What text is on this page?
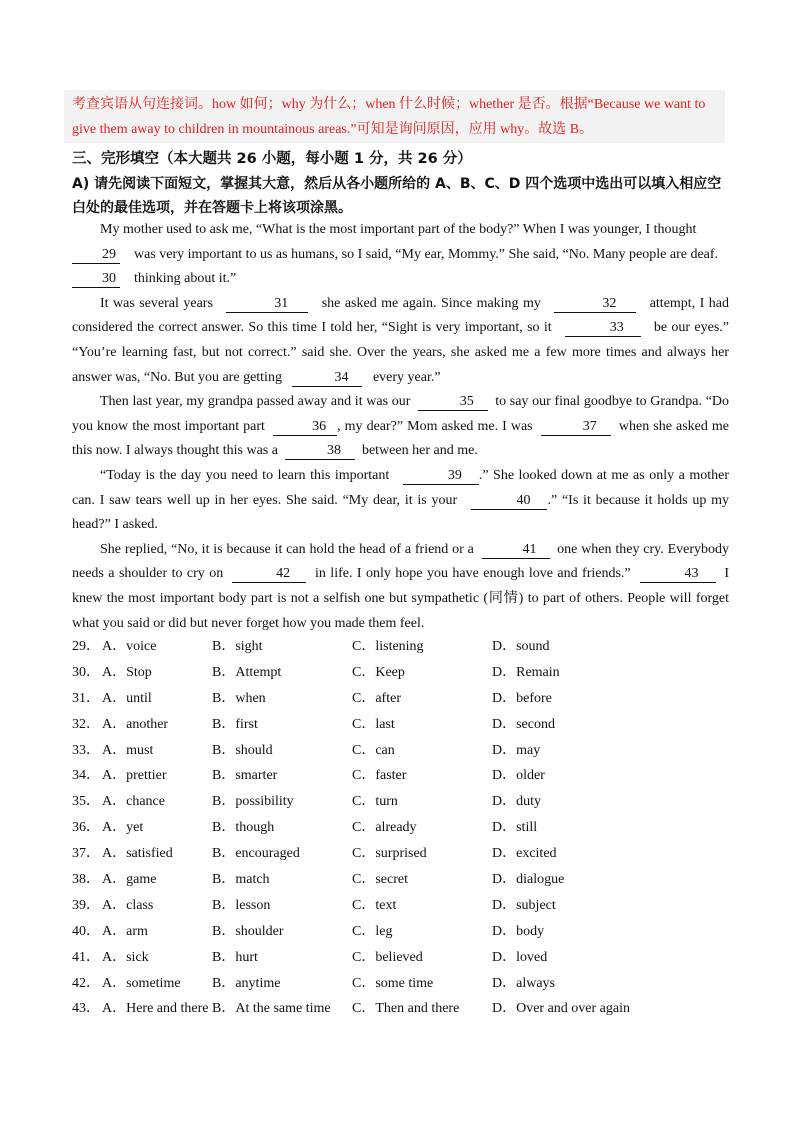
考查宾语从句连接词。how 如何；why 为什么；when 什么时候；whether 是否。根据“Because we want to
give them away to children in mountainous areas.”可知是询问原因，应用 why。故选 B。
三、完形填空（本大题共 26 小题，每小题 1 分，共 26 分）
A) 请先阅读下面短文，掌握其大意，然后从各小题所给的 A、B、C、D 四个选项中选出可以填入相应空白处的最佳选项，并在答题卡上将该项涂黑。

My mother used to ask me, “What is the most important part of the body?” When I was younger, I thought
29 was very important to us as humans, so I said, “My ear, Mommy.” She said, “No. Many people are deaf.
30 thinking about it.”

It was several years	31 she asked me again. Since making my	32 attempt, I had considered the correct answer. So this time I told her, “Sight is very important, so it	33 be our eyes.” “You’re learning fast, but not correct.” said she. Over the years, she asked me a few more times and always her answer was, “No. But you are getting	34 every year.”

Then last year, my grandpa passed away and it was our	35 to say our final goodbye to Grandpa. “Do you know the most important part	36 , my dear?” Mom asked me. I was	37 when she asked me this now. I always thought this was a	38 between her and me.

“Today is the day you need to learn this important	39 .” She looked down at me as only a mother can. I saw tears well up in her eyes. She said. “My dear, it is your	40 .” “Is it because it holds up my head?” I asked.

She replied, “No, it is because it can hold the head of a friend or a	41 one when they cry. Everybody needs a shoulder to cry on	42 in life. I only hope you have enough love and friends.”	43 I knew the most important body part is not a selfish one but sympathetic (同情) to part of others. People will forget what you said or did but never forget how you made them feel.

29． A．voice	B．sight	C．listening	D．sound
30． A．Stop	B．Attempt	C．Keep	D．Remain
31． A．until	B．when	C．after	D．before
32． A．another	B．first	C．last	D．second
33． A．must	B．should	C．can	D．may
34． A．prettier	B．smarter	C．faster	D．older
35． A．chance	B．possibility	C．turn	D．duty
36． A．yet	B．though	C．already	D．still
37． A．satisfied	B．encouraged	C．surprised	D．excited
38． A．game	B．match	C．secret	D．dialogue
39． A．class	B．lesson	C．text	D．subject
40． A．arm	B．shoulder	C．leg	D．body
41． A．sick	B．hurt	C．believed	D．loved
42． A．sometime B．anytime	C．some time	D．always
43． A．Here and there B．At the same time C．Then and there D．Over and over again
